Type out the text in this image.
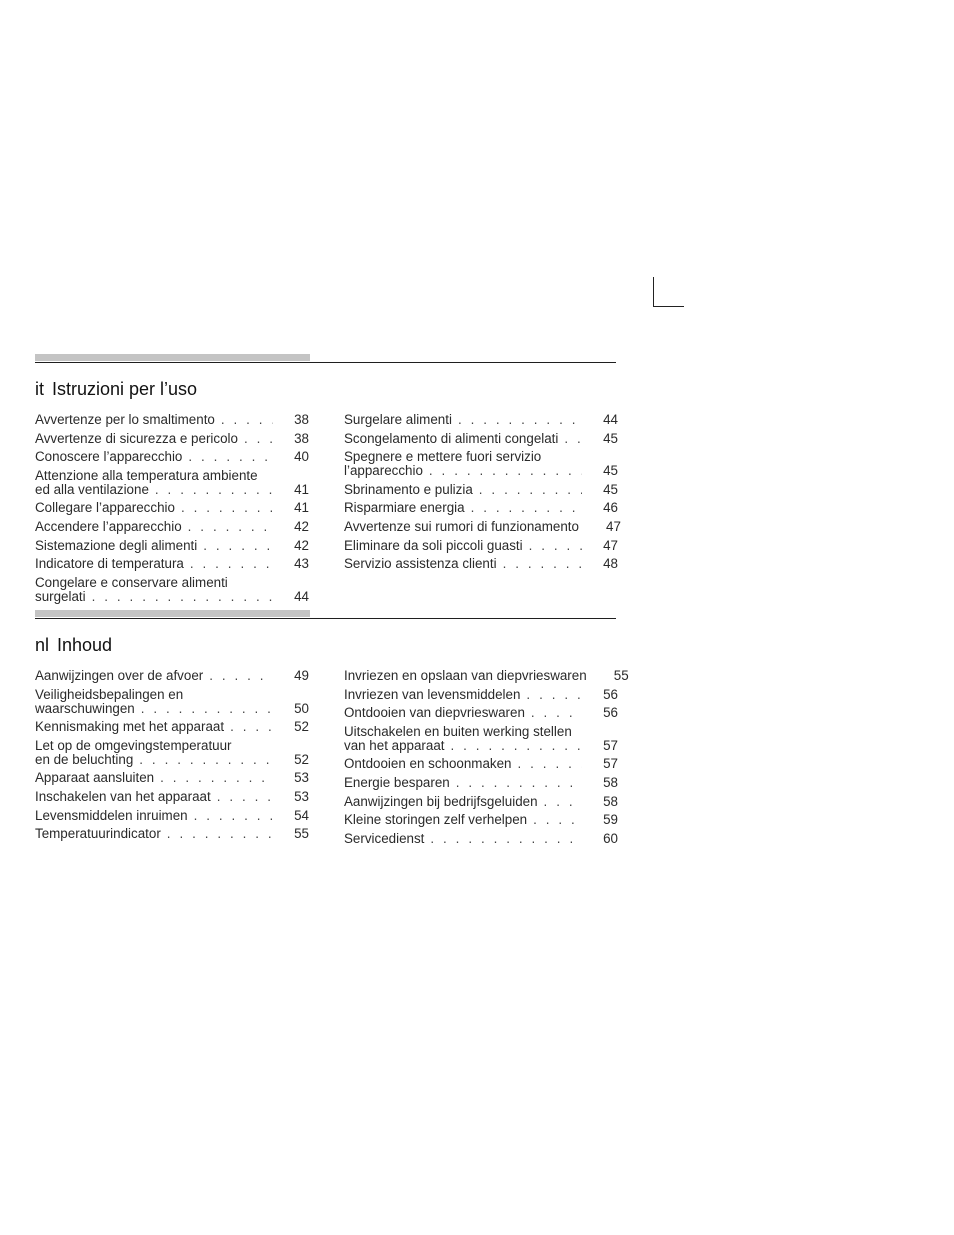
it Istruzioni per l’uso
Avvertenze per lo smaltimento . . .	38
Avvertenze di sicurezza e pericolo . . .	38
Conoscere l’apparecchio . . .	40
Attenzione alla temperatura ambiente
ed alla ventilazione . . .	41
Collegare l’apparecchio . . .	41
Accendere l’apparecchio . . .	42
Sistemazione degli alimenti . . .	42
Indicatore di temperatura . . .	43
Congelare e conservare alimenti
surgelati . . .	44
Surgelare alimenti . . .	44
Scongelamento di alimenti congelati . . .	45
Spegnere e mettere fuori servizio
l’apparecchio . . .	45
Sbrinamento e pulizia . . .	45
Risparmiare energia . . .	46
Avvertenze sui rumori di funzionamento	47
Eliminare da soli piccoli guasti . . .	47
Servizio assistenza clienti . . .	48
nl Inhoud
Aanwijzingen over de afvoer . . .	49
Veiligheidsbepalingen en
waarschuwingen . . .	50
Kennismaking met het apparaat . . .	52
Let op de omgevingstemperatuur
en de beluchting . . .	52
Apparaat aansluiten . . .	53
Inschakelen van het apparaat . . .	53
Levensmiddelen inruimen . . .	54
Temperatuurindicator . . .	55
Invriezen en opslaan van diepvrieswaren	55
Invriezen van levensmiddelen . . .	56
Ontdooien van diepvrieswaren . . .	56
Uitschakelen en buiten werking stellen
van het apparaat . . .	57
Ontdooien en schoonmaken . . .	57
Energie besparen . . .	58
Aanwijzingen bij bedrijfsgeluiden . . .	58
Kleine storingen zelf verhelpen . . .	59
Servicedienst . . .	60
